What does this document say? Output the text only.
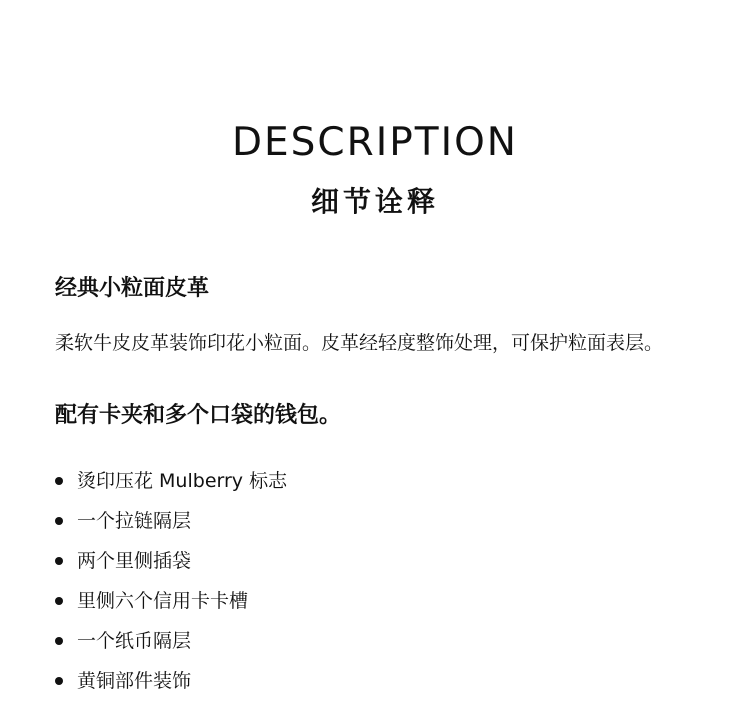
DESCRIPTION
细节诠释
经典小粒面皮革

柔软牛皮皮革装饰印花小粒面。皮革经轻度整饰处理，可保护粒面表层。

配有卡夹和多个口袋的钱包。
烫印压花 Mulberry 标志
一个拉链隔层
两个里侧插袋
里侧六个信用卡卡槽
一个纸币隔层
黄铜部件装饰
